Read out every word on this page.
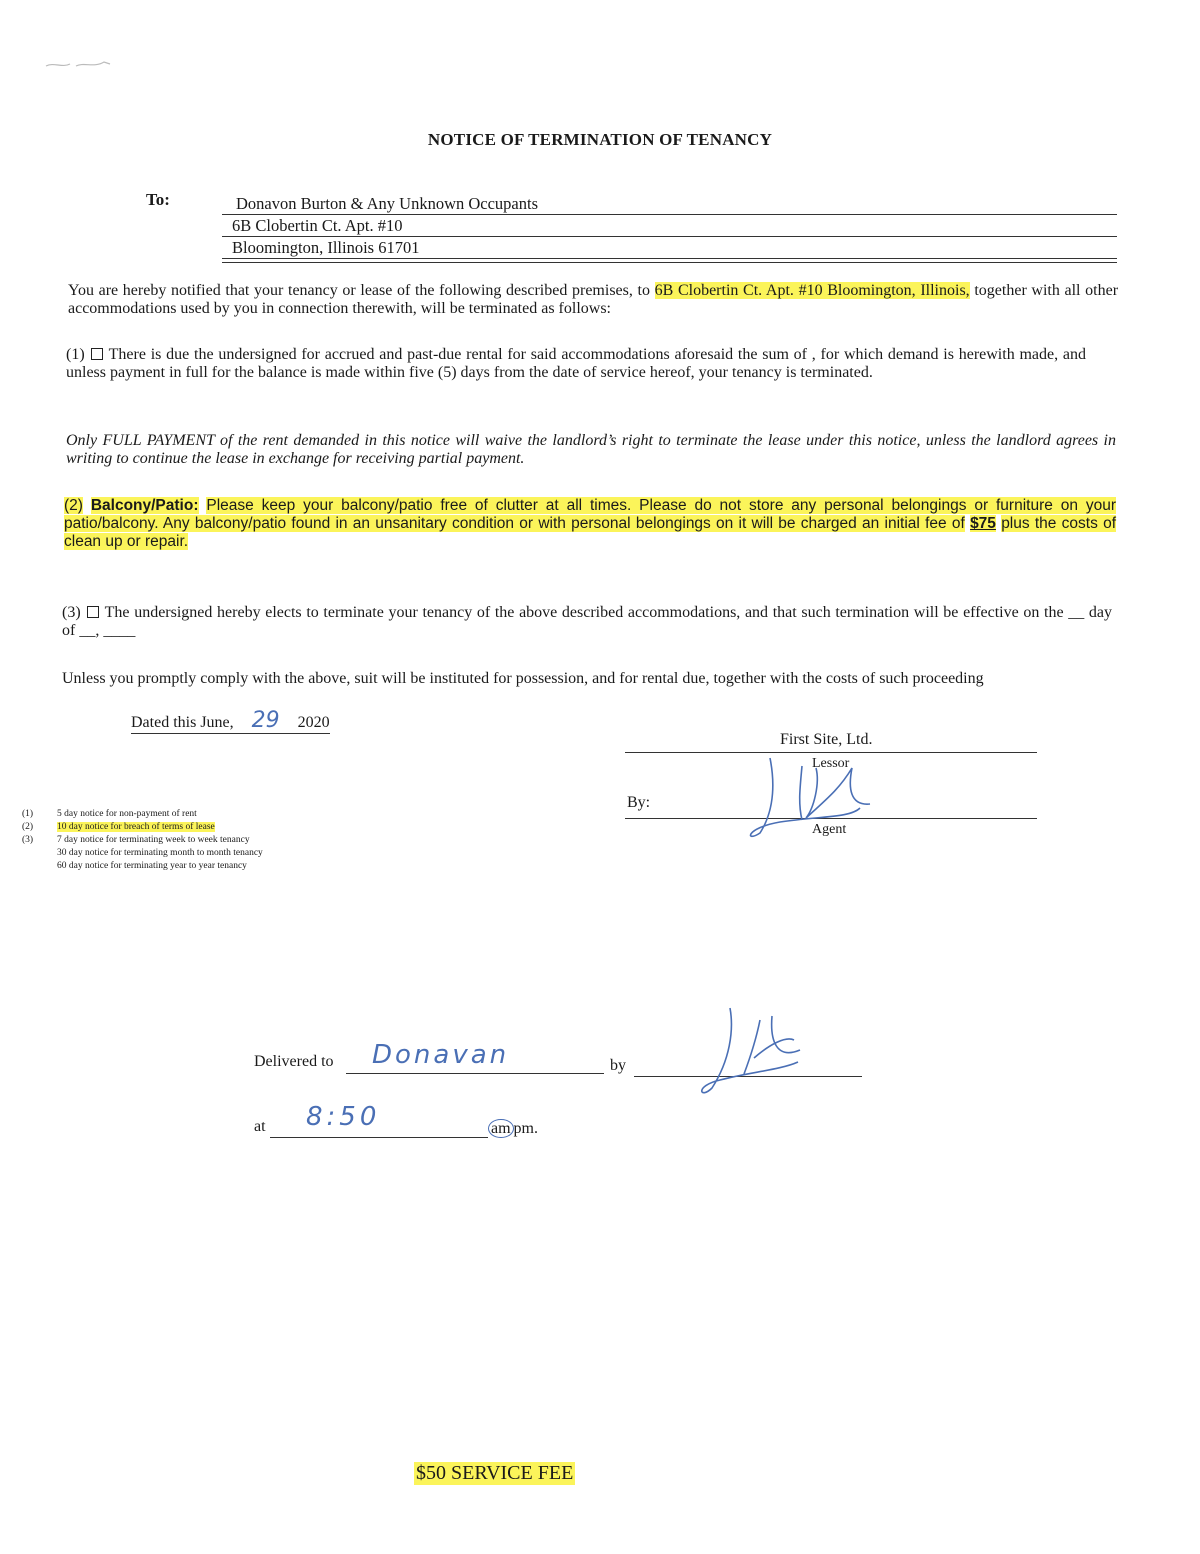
NOTICE OF TERMINATION OF TENANCY
To:	Donavon Burton & Any Unknown Occupants
6B Clobertin Ct. Apt. #10
Bloomington, Illinois 61701
You are hereby notified that your tenancy or lease of the following described premises, to 6B Clobertin Ct. Apt. #10 Bloomington, Illinois, together with all other accommodations used by you in connection therewith, will be terminated as follows:
(1) There is due the undersigned for accrued and past-due rental for said accommodations aforesaid the sum of , for which demand is herewith made, and unless payment in full for the balance is made within five (5) days from the date of service hereof, your tenancy is terminated.
Only FULL PAYMENT of the rent demanded in this notice will waive the landlord’s right to terminate the lease under this notice, unless the landlord agrees in writing to continue the lease in exchange for receiving partial payment.
(2) Balcony/Patio: Please keep your balcony/patio free of clutter at all times. Please do not store any personal belongings or furniture on your patio/balcony. Any balcony/patio found in an unsanitary condition or with personal belongings on it will be charged an initial fee of $75 plus the costs of clean up or repair.
(3) The undersigned hereby elects to terminate your tenancy of the above described accommodations, and that such termination will be effective on the __ day of __, ____
Unless you promptly comply with the above, suit will be instituted for possession, and for rental due, together with the costs of such proceeding
Dated this June, 29 2020
First Site, Ltd.
Lessor
By:
Agent
(1)	5 day notice for non-payment of rent
(2)	10 day notice for breach of terms of lease
(3)	7 day notice for terminating week to week tenancy
30 day notice for terminating month to month tenancy
60 day notice for terminating year to year tenancy
Delivered to Donavan	by
at 8:50	am pm.
$50 SERVICE FEE
